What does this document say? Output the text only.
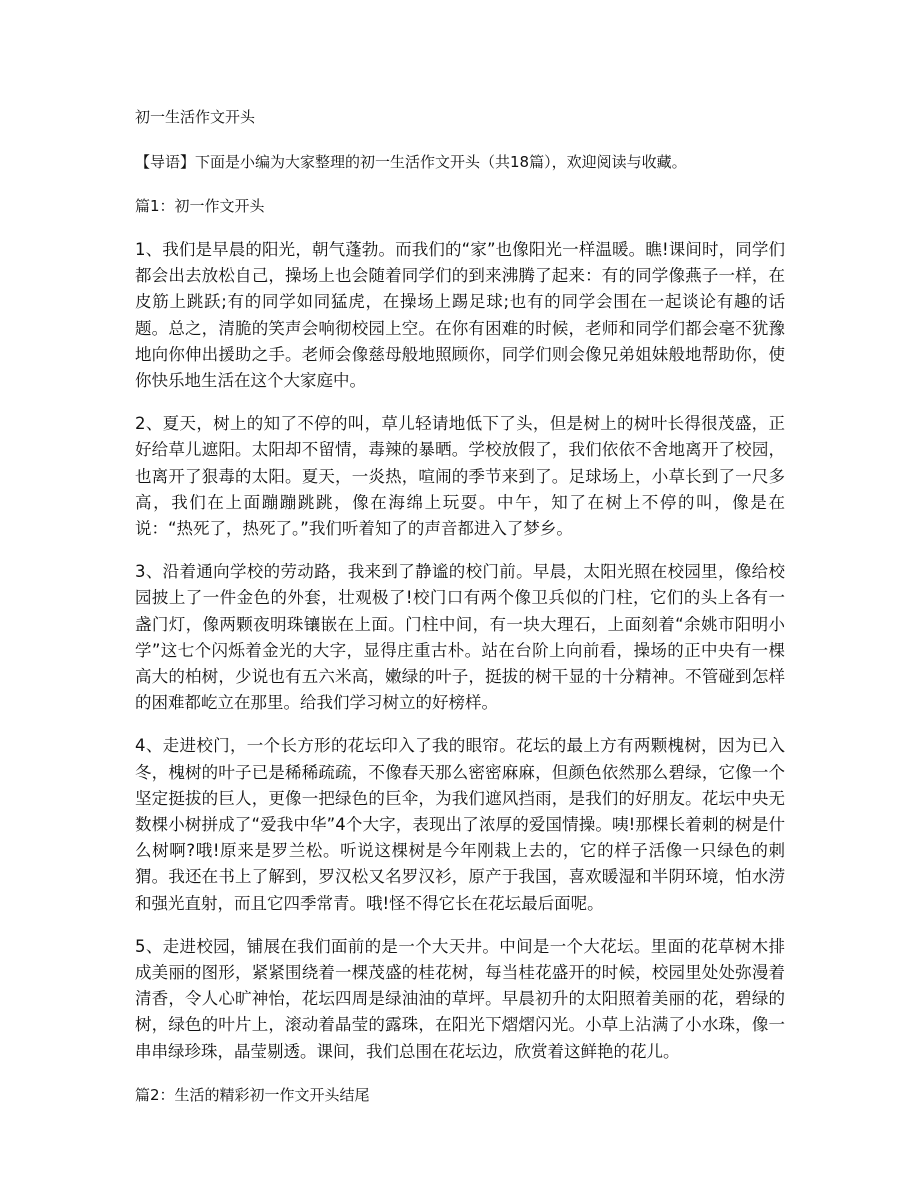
初一生活作文开头
【导语】下面是小编为大家整理的初一生活作文开头（共18篇），欢迎阅读与收藏。
篇1：初一作文开头

1、我们是早晨的阳光，朝气蓬勃。而我们的“家”也像阳光一样温暖。瞧!课间时，同学们都会出去放松自己，操场上也会随着同学们的到来沸腾了起来：有的同学像燕子一样，在皮筋上跳跃;有的同学如同猛虎，在操场上踢足球;也有的同学会围在一起谈论有趣的话题。总之，清脆的笑声会响彻校园上空。在你有困难的时候，老师和同学们都会毫不犹豫地向你伸出援助之手。老师会像慈母般地照顾你，同学们则会像兄弟姐妹般地帮助你，使你快乐地生活在这个大家庭中。

2、夏天，树上的知了不停的叫，草儿轻请地低下了头，但是树上的树叶长得很茂盛，正好给草儿遮阳。太阳却不留情，毒辣的暴晒。学校放假了，我们依依不舍地离开了校园，也离开了狠毒的太阳。夏天，一炎热，喧闹的季节来到了。足球场上，小草长到了一尺多高，我们在上面蹦蹦跳跳，像在海绵上玩耍。中午，知了在树上不停的叫，像是在说：“热死了，热死了。”我们听着知了的声音都进入了梦乡。

3、沿着通向学校的劳动路，我来到了静谧的校门前。早晨，太阳光照在校园里，像给校园披上了一件金色的外套，壮观极了!校门口有两个像卫兵似的门柱，它们的头上各有一盏门灯，像两颗夜明珠镶嵌在上面。门柱中间，有一块大理石，上面刻着“余姚市阳明小学”这七个闪烁着金光的大字，显得庄重古朴。站在台阶上向前看，操场的正中央有一棵高大的柏树，少说也有五六米高，嫩绿的叶子，挺拔的树干显的十分精神。不管碰到怎样的困难都屹立在那里。给我们学习树立的好榜样。

4、走进校门，一个长方形的花坛印入了我的眼帘。花坛的最上方有两颗槐树，因为已入冬，槐树的叶子已是稀稀疏疏，不像春天那么密密麻麻，但颜色依然那么碧绿，它像一个坚定挺拔的巨人，更像一把绿色的巨伞，为我们遮风挡雨，是我们的好朋友。花坛中央无数棵小树拼成了“爱我中华”4个大字，表现出了浓厚的爱国情操。咦!那棵长着刺的树是什么树啊?哦!原来是罗兰松。听说这棵树是今年刚栽上去的，它的样子活像一只绿色的刺猬。我还在书上了解到，罗汉松又名罗汉衫，原产于我国，喜欢暖湿和半阴环境，怕水涝和强光直射，而且它四季常青。哦!怪不得它长在花坛最后面呢。

5、走进校园，铺展在我们面前的是一个大天井。中间是一个大花坛。里面的花草树木排成美丽的图形，紧紧围绕着一棵茂盛的桂花树，每当桂花盛开的时候，校园里处处弥漫着清香，令人心旷神怡，花坛四周是绿油油的草坪。早晨初升的太阳照着美丽的花，碧绿的树，绿色的叶片上，滚动着晶莹的露珠，在阳光下熠熠闪光。小草上沾满了小水珠，像一串串绿珍珠，晶莹剔透。课间，我们总围在花坛边，欣赏着这鲜艳的花儿。

篇2：生活的精彩初一作文开头结尾
